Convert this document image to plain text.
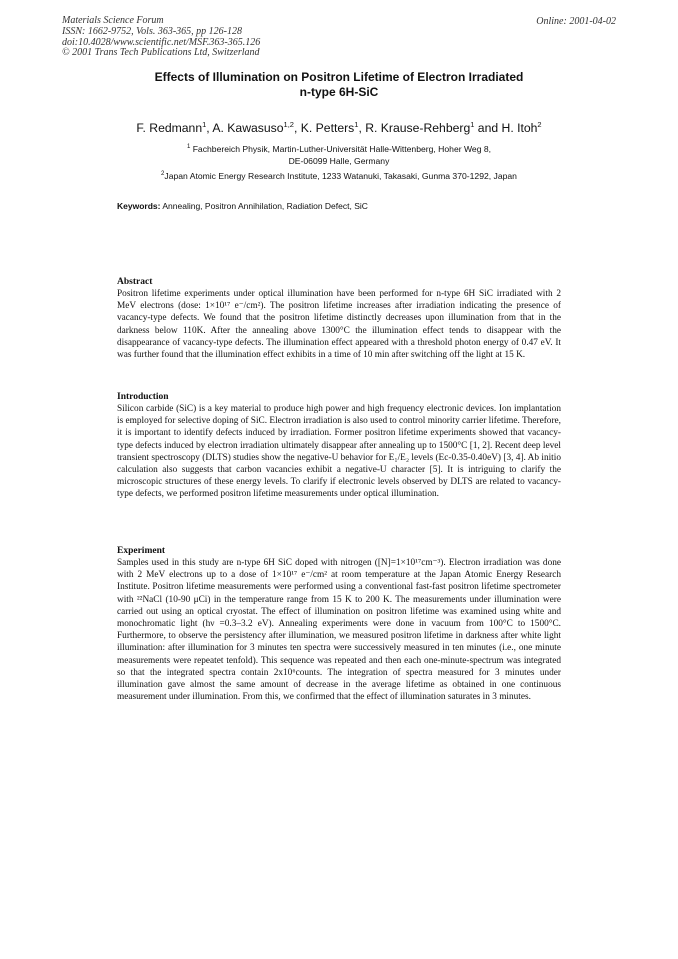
Materials Science Forum
ISSN: 1662-9752, Vols. 363-365, pp 126-128
doi:10.4028/www.scientific.net/MSF.363-365.126
© 2001 Trans Tech Publications Ltd, Switzerland
Online: 2001-04-02
Effects of Illumination on Positron Lifetime of Electron Irradiated
n-type 6H-SiC
F. Redmann$^1$, A. Kawasuso$^{1,2}$, K. Petters$^1$, R. Krause-Rehberg$^1$ and H. Itoh$^2$
$^1$ Fachbereich Physik, Martin-Luther-Universität Halle-Wittenberg, Hoher Weg 8,
DE-06099 Halle, Germany
$^2$Japan Atomic Energy Research Institute, 1233 Watanuki, Takasaki, Gunma 370-1292, Japan
Keywords: Annealing, Positron Annihilation, Radiation Defect, SiC
Abstract

Positron lifetime experiments under optical illumination have been performed for n-type 6H SiC irradiated with 2 MeV electrons (dose: 1×10¹⁷ e⁻/cm²). The positron lifetime increases after irradiation indicating the presence of vacancy-type defects. We found that the positron lifetime distinctly decreases upon illumination from that in the darkness below 110K. After the annealing above 1300°C the illumination effect tends to disappear with the disappearance of vacancy-type defects. The illumination effect appeared with a threshold photon energy of 0.47 eV. It was further found that the illumination effect exhibits in a time of 10 min after switching off the light at 15 K.

Introduction

Silicon carbide (SiC) is a key material to produce high power and high frequency electronic devices. Ion implantation is employed for selective doping of SiC. Electron irradiation is also used to control minority carrier lifetime. Therefore, it is important to identify defects induced by irradiation. Former positron lifetime experiments showed that vacancy-type defects induced by electron irradiation ultimately disappear after annealing up to 1500°C [1, 2]. Recent deep level transient spectroscopy (DLTS) studies show the negative-U behavior for E₁/E₂ levels (Ec-0.35-0.40eV) [3, 4]. Ab initio calculation also suggests that carbon vacancies exhibit a negative-U character [5]. It is intriguing to clarify the microscopic structures of these energy levels. To clarify if electronic levels observed by DLTS are related to vacancy-type defects, we performed positron lifetime measurements under optical illumination.

Experiment

Samples used in this study are n-type 6H SiC doped with nitrogen ([N]=1×10¹⁷cm⁻³). Electron irradiation was done with 2 MeV electrons up to a dose of 1×10¹⁷ e⁻/cm² at room temperature at the Japan Atomic Energy Research Institute. Positron lifetime measurements were performed using a conventional fast-fast positron lifetime spectrometer with ²²NaCl (10-90 μCi) in the temperature range from 15 K to 200 K. The measurements under illumination were carried out using an optical cryostat. The effect of illumination on positron lifetime was examined using white and monochromatic light (hν =0.3–3.2 eV). Annealing experiments were done in vacuum from 100°C to 1500°C. Furthermore, to observe the persistency after illumination, we measured positron lifetime in darkness after white light illumination: after illumination for 3 minutes ten spectra were successively measured in ten minutes (i.e., one minute measurements were repeatet tenfold). This sequence was repeated and then each one-minute-spectrum was integrated so that the integrated spectra contain 2x10⁶counts. The integration of spectra measured for 3 minutes under illumination gave almost the same amount of decrease in the average lifetime as obtained in one continuous measurement under illumination. From this, we confirmed that the effect of illumination saturates in 3 minutes.
